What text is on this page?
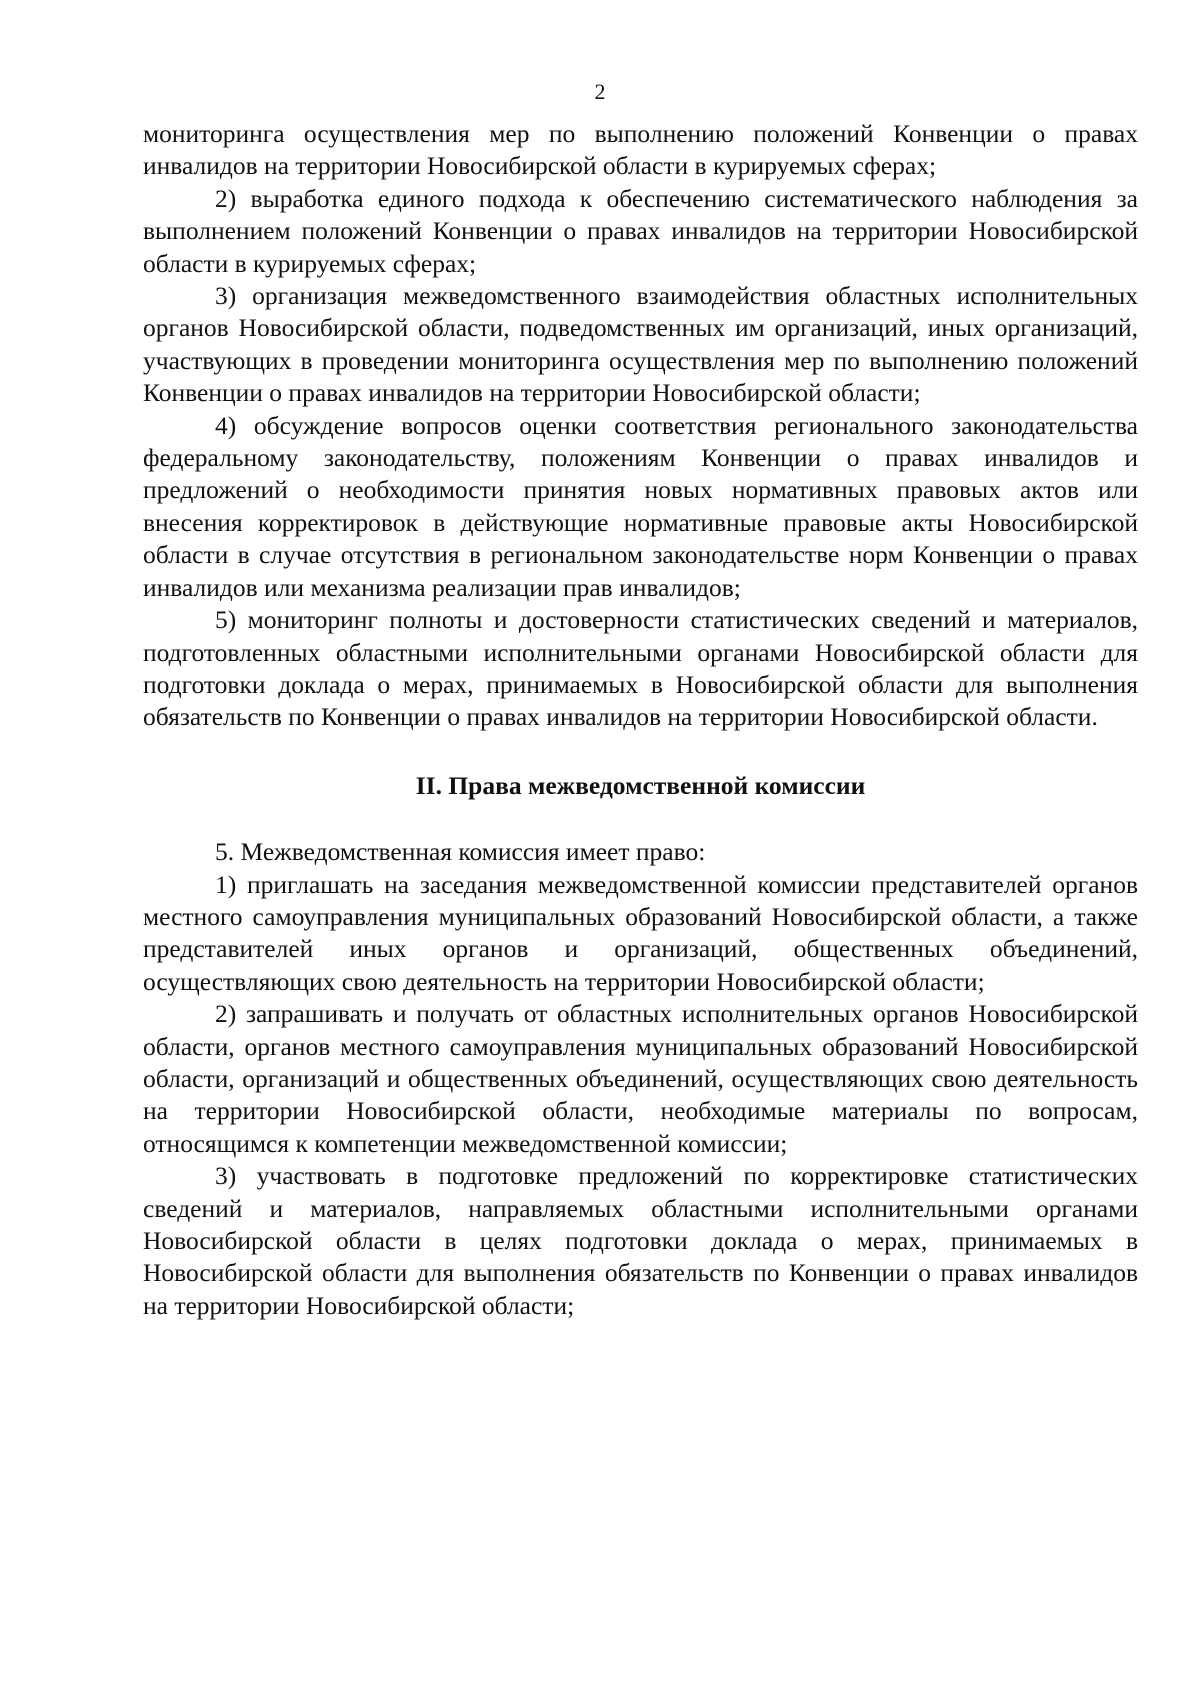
2

мониторинга осуществления мер по выполнению положений Конвенции о правах инвалидов на территории Новосибирской области в курируемых сферах;

2) выработка единого подхода к обеспечению систематического наблюдения за выполнением положений Конвенции о правах инвалидов на территории Новосибирской области в курируемых сферах;

3) организация межведомственного взаимодействия областных исполнительных органов Новосибирской области, подведомственных им организаций, иных организаций, участвующих в проведении мониторинга осуществления мер по выполнению положений Конвенции о правах инвалидов на территории Новосибирской области;

4) обсуждение вопросов оценки соответствия регионального законодательства федеральному законодательству, положениям Конвенции о правах инвалидов и предложений о необходимости принятия новых нормативных правовых актов или внесения корректировок в действующие нормативные правовые акты Новосибирской области в случае отсутствия в региональном законодательстве норм Конвенции о правах инвалидов или механизма реализации прав инвалидов;

5) мониторинг полноты и достоверности статистических сведений и материалов, подготовленных областными исполнительными органами Новосибирской области для подготовки доклада о мерах, принимаемых в Новосибирской области для выполнения обязательств по Конвенции о правах инвалидов на территории Новосибирской области.

II. Права межведомственной комиссии

5. Межведомственная комиссия имеет право:

1) приглашать на заседания межведомственной комиссии представителей органов местного самоуправления муниципальных образований Новосибирской области, а также представителей иных органов и организаций, общественных объединений, осуществляющих свою деятельность на территории Новосибирской области;

2) запрашивать и получать от областных исполнительных органов Новосибирской области, органов местного самоуправления муниципальных образований Новосибирской области, организаций и общественных объединений, осуществляющих свою деятельность на территории Новосибирской области, необходимые материалы по вопросам, относящимся к компетенции межведомственной комиссии;

3) участвовать в подготовке предложений по корректировке статистических сведений и материалов, направляемых областными исполнительными органами Новосибирской области в целях подготовки доклада о мерах, принимаемых в Новосибирской области для выполнения обязательств по Конвенции о правах инвалидов на территории Новосибирской области;
